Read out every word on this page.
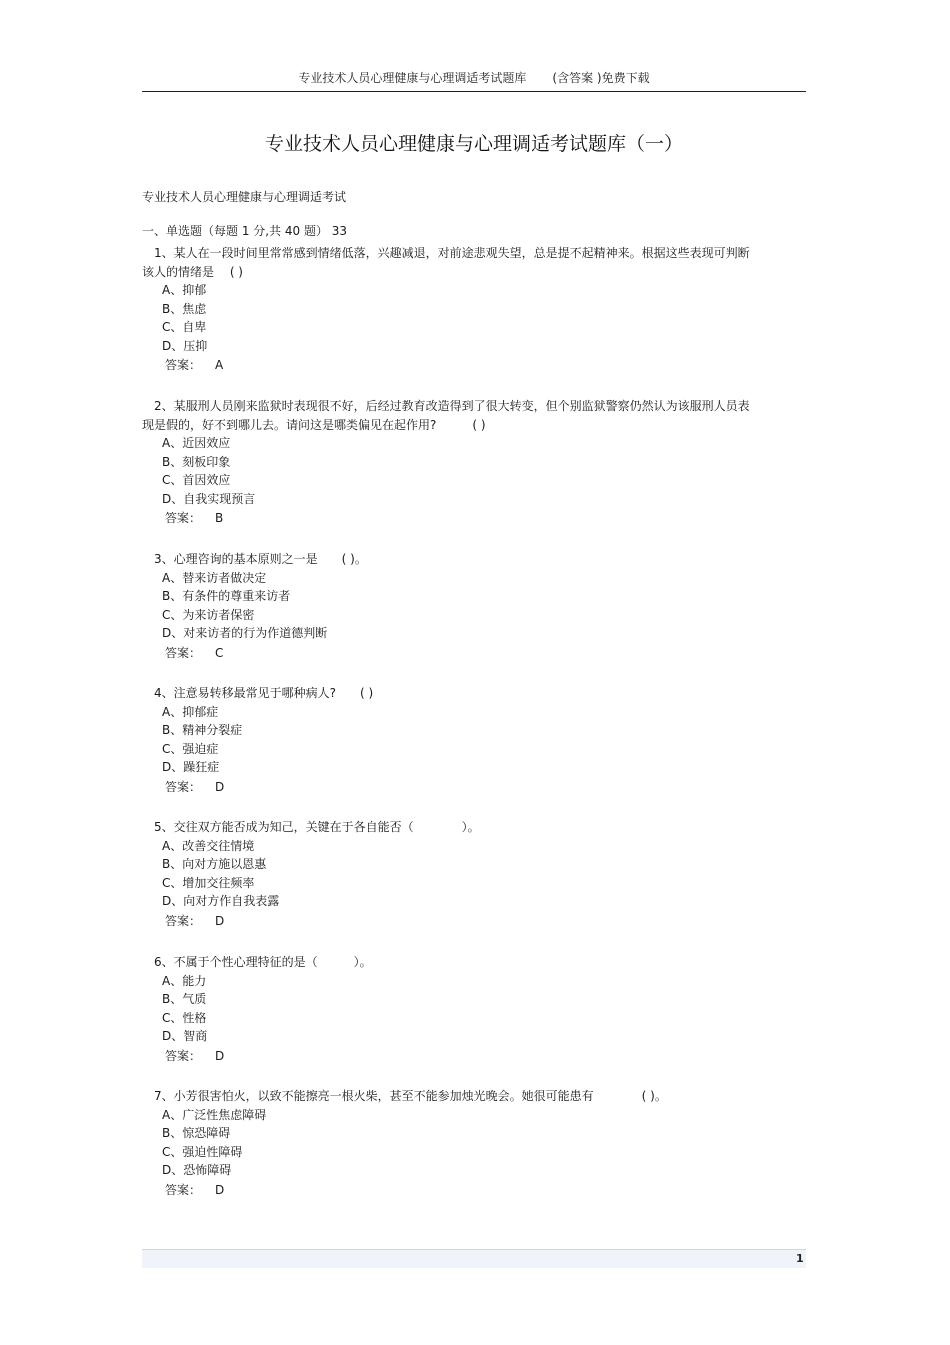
专业技术人员心理健康与心理调适考试题库 (含答案 )免费下载
专业技术人员心理健康与心理调适考试题库（一）
专业技术人员心理健康与心理调适考试
一、单选题（每题 1 分,共 40 题） 33
1、某人在一段时间里常常感到情绪低落，兴趣减退，对前途悲观失望，总是提不起精神来。根据这些表现可判断该人的情绪是　 ( )
A、抑郁
B、焦虑
C、自卑
D、压抑
答案： A
2、某服刑人员刚来监狱时表现很不好，后经过教育改造得到了很大转变，但个别监狱警察仍然认为该服刑人员表现是假的，好不到哪儿去。请问这是哪类偏见在起作用?　　　( )
A、近因效应
B、刻板印象
C、首因效应
D、自我实现预言
答案： B
3、心理咨询的基本原则之一是　　( )。
A、替来访者做决定
B、有条件的尊重来访者
C、为来访者保密
D、对来访者的行为作道德判断
答案： C
4、注意易转移最常见于哪种病人?　　( )
A、抑郁症
B、精神分裂症
C、强迫症
D、躁狂症
答案： D
5、交往双方能否成为知己，关键在于各自能否（　　　　）。
A、改善交往情境
B、向对方施以恩惠
C、增加交往频率
D、向对方作自我表露
答案： D
6、不属于个性心理特征的是（　　　）。
A、能力
B、气质
C、性格
D、智商
答案： D
7、小芳很害怕火，以致不能擦亮一根火柴，甚至不能参加烛光晚会。她很可能患有　　　　( )。
A、广泛性焦虑障碍
B、惊恐障碍
C、强迫性障碍
D、恐怖障碍
答案： D
1
